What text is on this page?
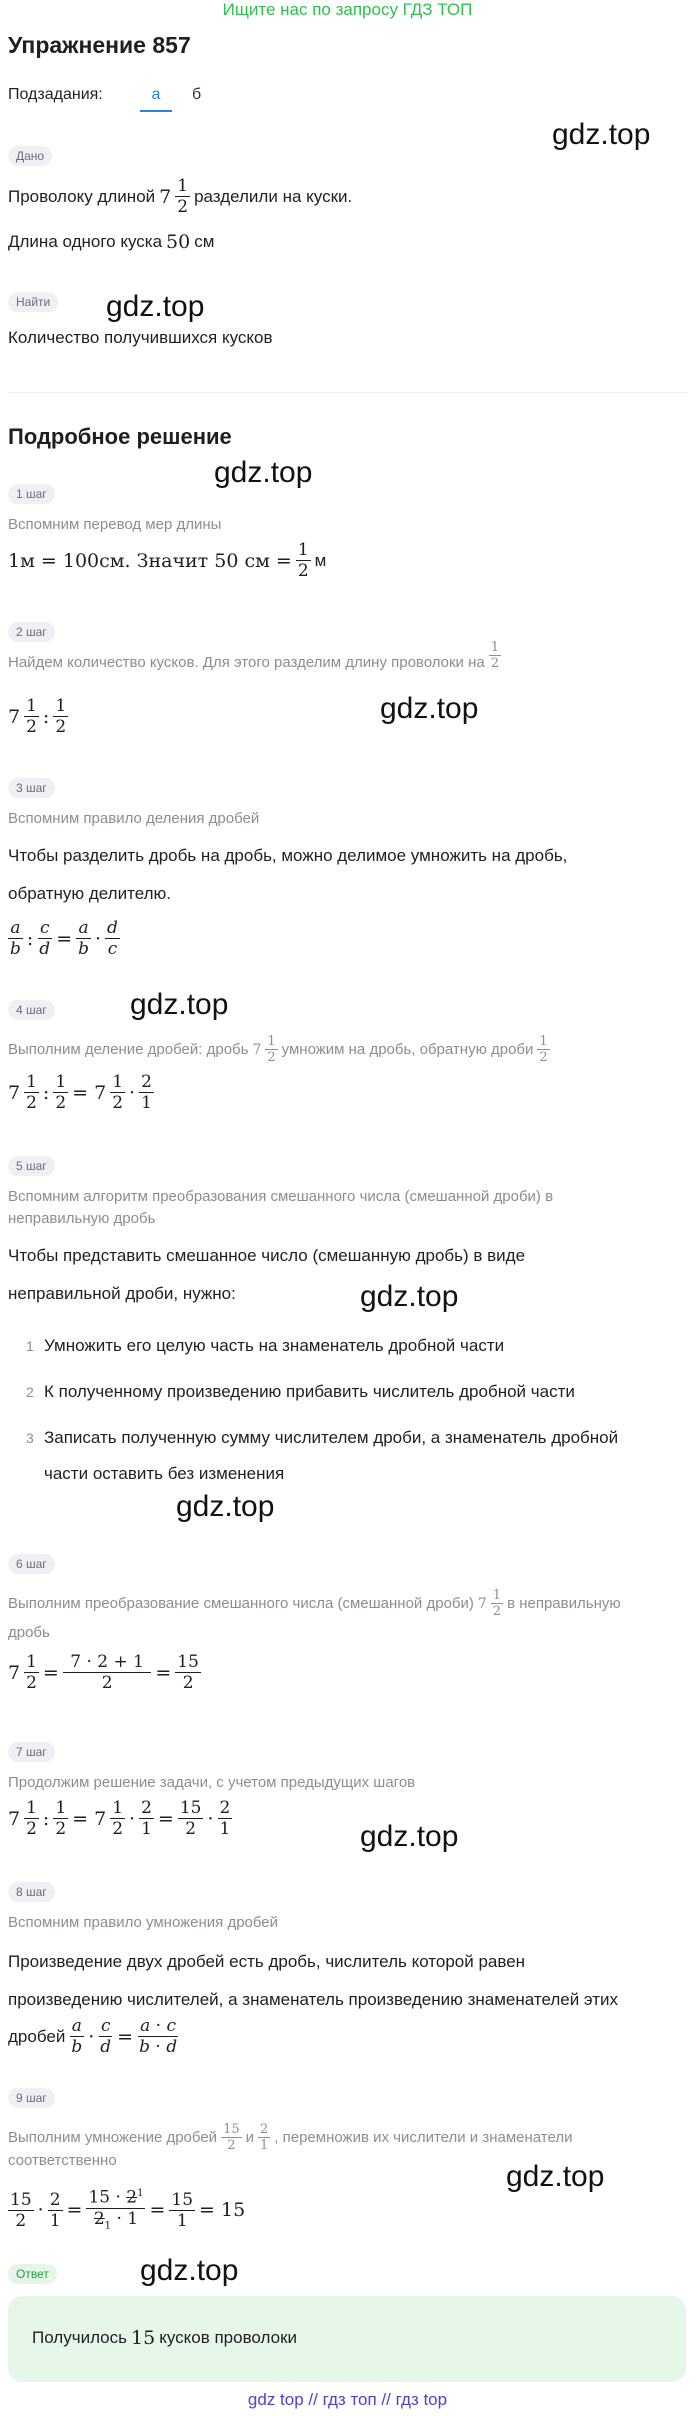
Ищите нас по запросу ГДЗ ТОП
Упражнение 857
Подзадания:	а	б
Дано
gdz.top
Проволоку длиной $7 \frac{1}{2}$ разделили на куски.
Длина одного куска 50 см
Найти gdz.top
Количество получившихся кусков
Подробное решение
gdz.top
1 шаг
Вспомним перевод мер длины
1м = 100см. Значит 50 см = $\frac{1}{2}$ м
2 шаг
Найдем количество кусков. Для этого разделим длину проволоки на $\frac{1}{2}$
gdz.top
$7 \frac{1}{2}$ : $\frac{1}{2}$
3 шаг
Вспомним правило деления дробей
Чтобы разделить дробь на дробь, можно делимое умножить на дробь,
обратную делителю.
$\frac{a}{b}$ : $\frac{c}{d} = \frac{a}{b} \cdot \frac{d}{c}$
4 шаг	gdz.top
Выполним деление дробей: дробь $7 \frac{1}{2}$ умножим на дробь, обратную дроби $\frac{1}{2}$
$7 \frac{1}{2}$ : $\frac{1}{2} = 7 \frac{1}{2} \cdot \frac{2}{1}$
5 шаг
Вспомним алгоритм преобразования смешанного числа (смешанной дроби) в
неправильную дробь
Чтобы представить смешанное число (смешанную дробь) в виде
неправильной дроби, нужно:	gdz.top
1 Умножить его целую часть на знаменатель дробной части
2 К полученному произведению прибавить числитель дробной части
3 Записать полученную сумму числителем дроби, а знаменатель дробной
части оставить без изменения
gdz.top
6 шаг
Выполним преобразование смешанного числа (смешанной дроби) $7 \frac{1}{2}$ в неправильную
дробь
$7 \frac{1}{2} = \frac{7 \cdot 2 + 1}{2} = \frac{15}{2}$
7 шаг
Продолжим решение задачи, с учетом предыдущих шагов
$7 \frac{1}{2}$ : $\frac{1}{2} = 7 \frac{1}{2} \cdot \frac{2}{1} = \frac{15}{2} \cdot \frac{2}{1}$	gdz.top
8 шаг
Вспомним правило умножения дробей
Произведение двух дробей есть дробь, числитель которой равен
произведению числителей, а знаменатель произведению знаменателей этих
дробей $\frac{a}{b} \cdot \frac{c}{d} = \frac{a \cdot c}{b \cdot d}$
9 шаг
Выполним умножение дробей $\frac{15}{2}$ и $\frac{2}{1}$ , перемножив их числители и знаменатели
соответственно	gdz.top
$\frac{15}{2} \cdot \frac{2}{1} = \frac{15 \cdot 2^1}{2_1 \cdot 1} = \frac{15}{1} = 15$
Ответ	gdz.top
Получилось 15 кусков проволоки
gdz top // гдз топ // гдз top
